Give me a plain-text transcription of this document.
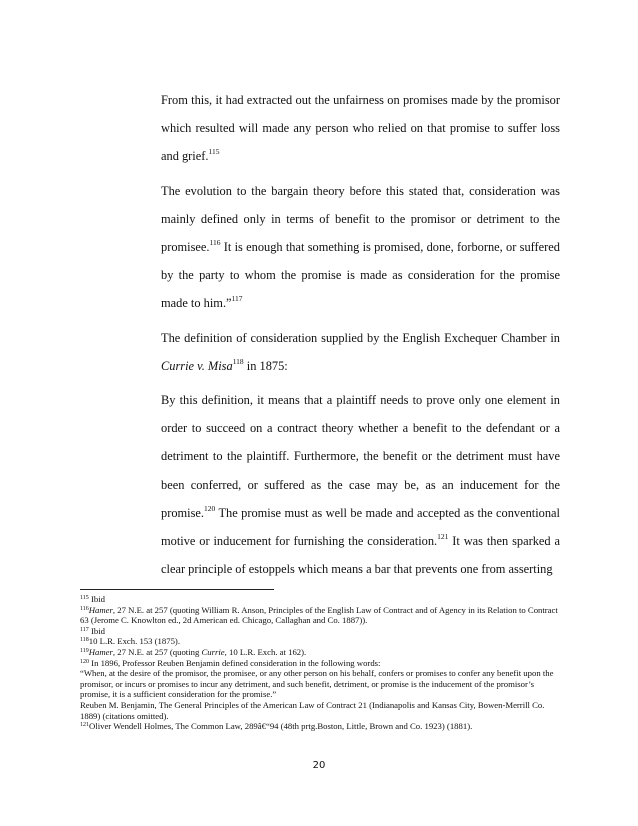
From this, it had extracted out the unfairness on promises made by the promisor which resulted will made any person who relied on that promise to suffer loss and grief.$^{115}$

The evolution to the bargain theory before this stated that, consideration was mainly defined only in terms of benefit to the promisor or detriment to the promisee.$^{116}$ It is enough that something is promised, done, forborne, or suffered by the party to whom the promise is made as consideration for the promise made to him.”$^{117}$

The definition of consideration supplied by the English Exchequer Chamber in Currie v. Misa$^{118}$ in 1875:

By this definition, it means that a plaintiff needs to prove only one element in order to succeed on a contract theory whether a benefit to the defendant or a detriment to the plaintiff. Furthermore, the benefit or the detriment must have been conferred, or suffered as the case may be, as an inducement for the promise.$^{120}$ The promise must as well be made and accepted as the conventional motive or inducement for furnishing the consideration.$^{121}$ It was then sparked a clear principle of estoppels which means a bar that prevents one from asserting

$^{115}$ Ibid

$^{116}$Hamer, 27 N.E. at 257 (quoting William R. Anson, Principles of the English Law of Contract and of Agency in its Relation to Contract 63 (Jerome C. Knowlton ed., 2d American ed. Chicago, Callaghan and Co. 1887)).

$^{117}$ Ibid

$^{118}$10 L.R. Exch. 153 (1875).

$^{119}$Hamer, 27 N.E. at 257 (quoting Currie, 10 L.R. Exch. at 162).

$^{120}$ In 1896, Professor Reuben Benjamin defined consideration in the following words:

“When, at the desire of the promisor, the promisee, or any other person on his behalf, confers or promises to confer any benefit upon the promisor, or incurs or promises to incur any detriment, and such benefit, detriment, or promise is the inducement of the promisor’s promise, it is a sufficient consideration for the promise.”

Reuben M. Benjamin, The General Principles of the American Law of Contract 21 (Indianapolis and Kansas City, Bowen-Merrill Co. 1889) (citations omitted).

$^{121}$Oliver Wendell Holmes, The Common Law, 289â€“94 (48th prtg.Boston, Little, Brown and Co. 1923) (1881).

20
